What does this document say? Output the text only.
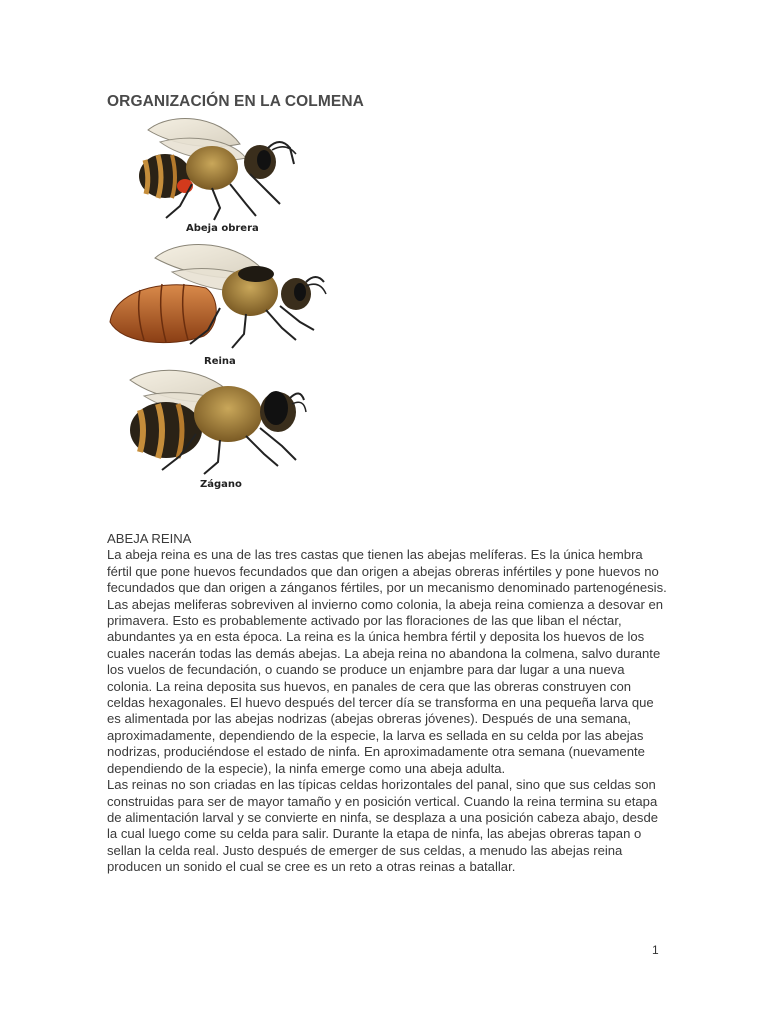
ORGANIZACIÓN EN LA COLMENA
Abeja obrera
Reina
Zágano
ABEJA REINA

La abeja reina es una de las tres castas que tienen las abejas melíferas. Es la única hembra fértil que pone huevos fecundados que dan origen a abejas obreras infértiles y pone huevos no fecundados que dan origen a zánganos fértiles, por un mecanismo denominado partenogénesis.

Las abejas meliferas sobreviven al invierno como colonia, la abeja reina comienza a desovar en primavera. Esto es probablemente activado por las floraciones de las que liban el néctar, abundantes ya en esta época. La reina es la única hembra fértil y deposita los huevos de los cuales nacerán todas las demás abejas. La abeja reina no abandona la colmena, salvo durante los vuelos de fecundación, o cuando se produce un enjambre para dar lugar a una nueva colonia. La reina deposita sus huevos, en panales de cera que las obreras construyen con celdas hexagonales. El huevo después del tercer día se transforma en una pequeña larva que es alimentada por las abejas nodrizas (abejas obreras jóvenes). Después de una semana, aproximadamente, dependiendo de la especie, la larva es sellada en su celda por las abejas nodrizas, produciéndose el estado de ninfa. En aproximadamente otra semana (nuevamente dependiendo de la especie), la ninfa emerge como una abeja adulta.

Las reinas no son criadas en las típicas celdas horizontales del panal, sino que sus celdas son construidas para ser de mayor tamaño y en posición vertical. Cuando la reina termina su etapa de alimentación larval y se convierte en ninfa, se desplaza a una posición cabeza abajo, desde la cual luego come su celda para salir. Durante la etapa de ninfa, las abejas obreras tapan o sellan la celda real. Justo después de emerger de sus celdas, a menudo las abejas reina producen un sonido el cual se cree es un reto a otras reinas a batallar.

1
